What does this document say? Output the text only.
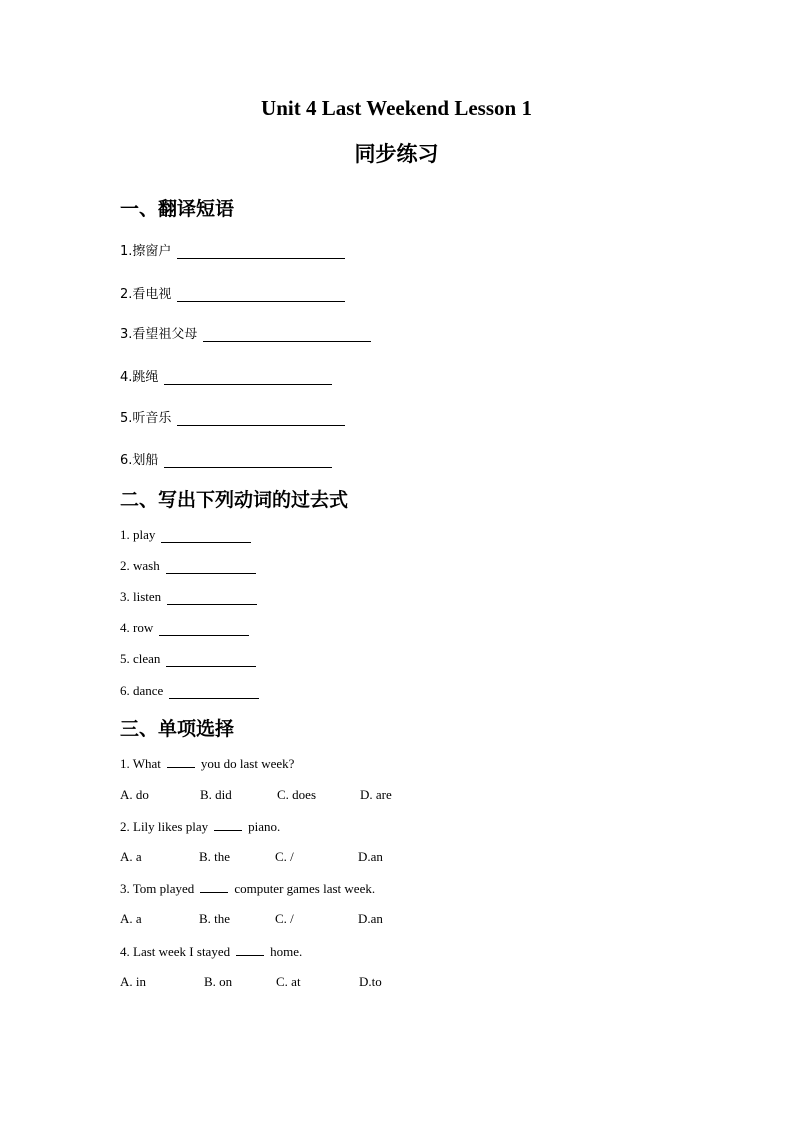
Unit 4 Last Weekend Lesson 1
同步练习
一、翻译短语
1.擦窗户
2.看电视
3.看望祖父母
4.跳绳
5.听音乐
6.划船
二、写出下列动词的过去式
1. play
2. wash
3. listen
4. row
5. clean
6. dance
三、单项选择
1. What	you do last week?
A. do	B. did	C. does	D. are
2. Lily likes play	piano.
A. a	B. the	C. /	D.an
3. Tom played	computer games last week.
A. a	B. the	C. /	D.an
4. Last week I stayed	home.
A. in	B. on	C. at	D.to
